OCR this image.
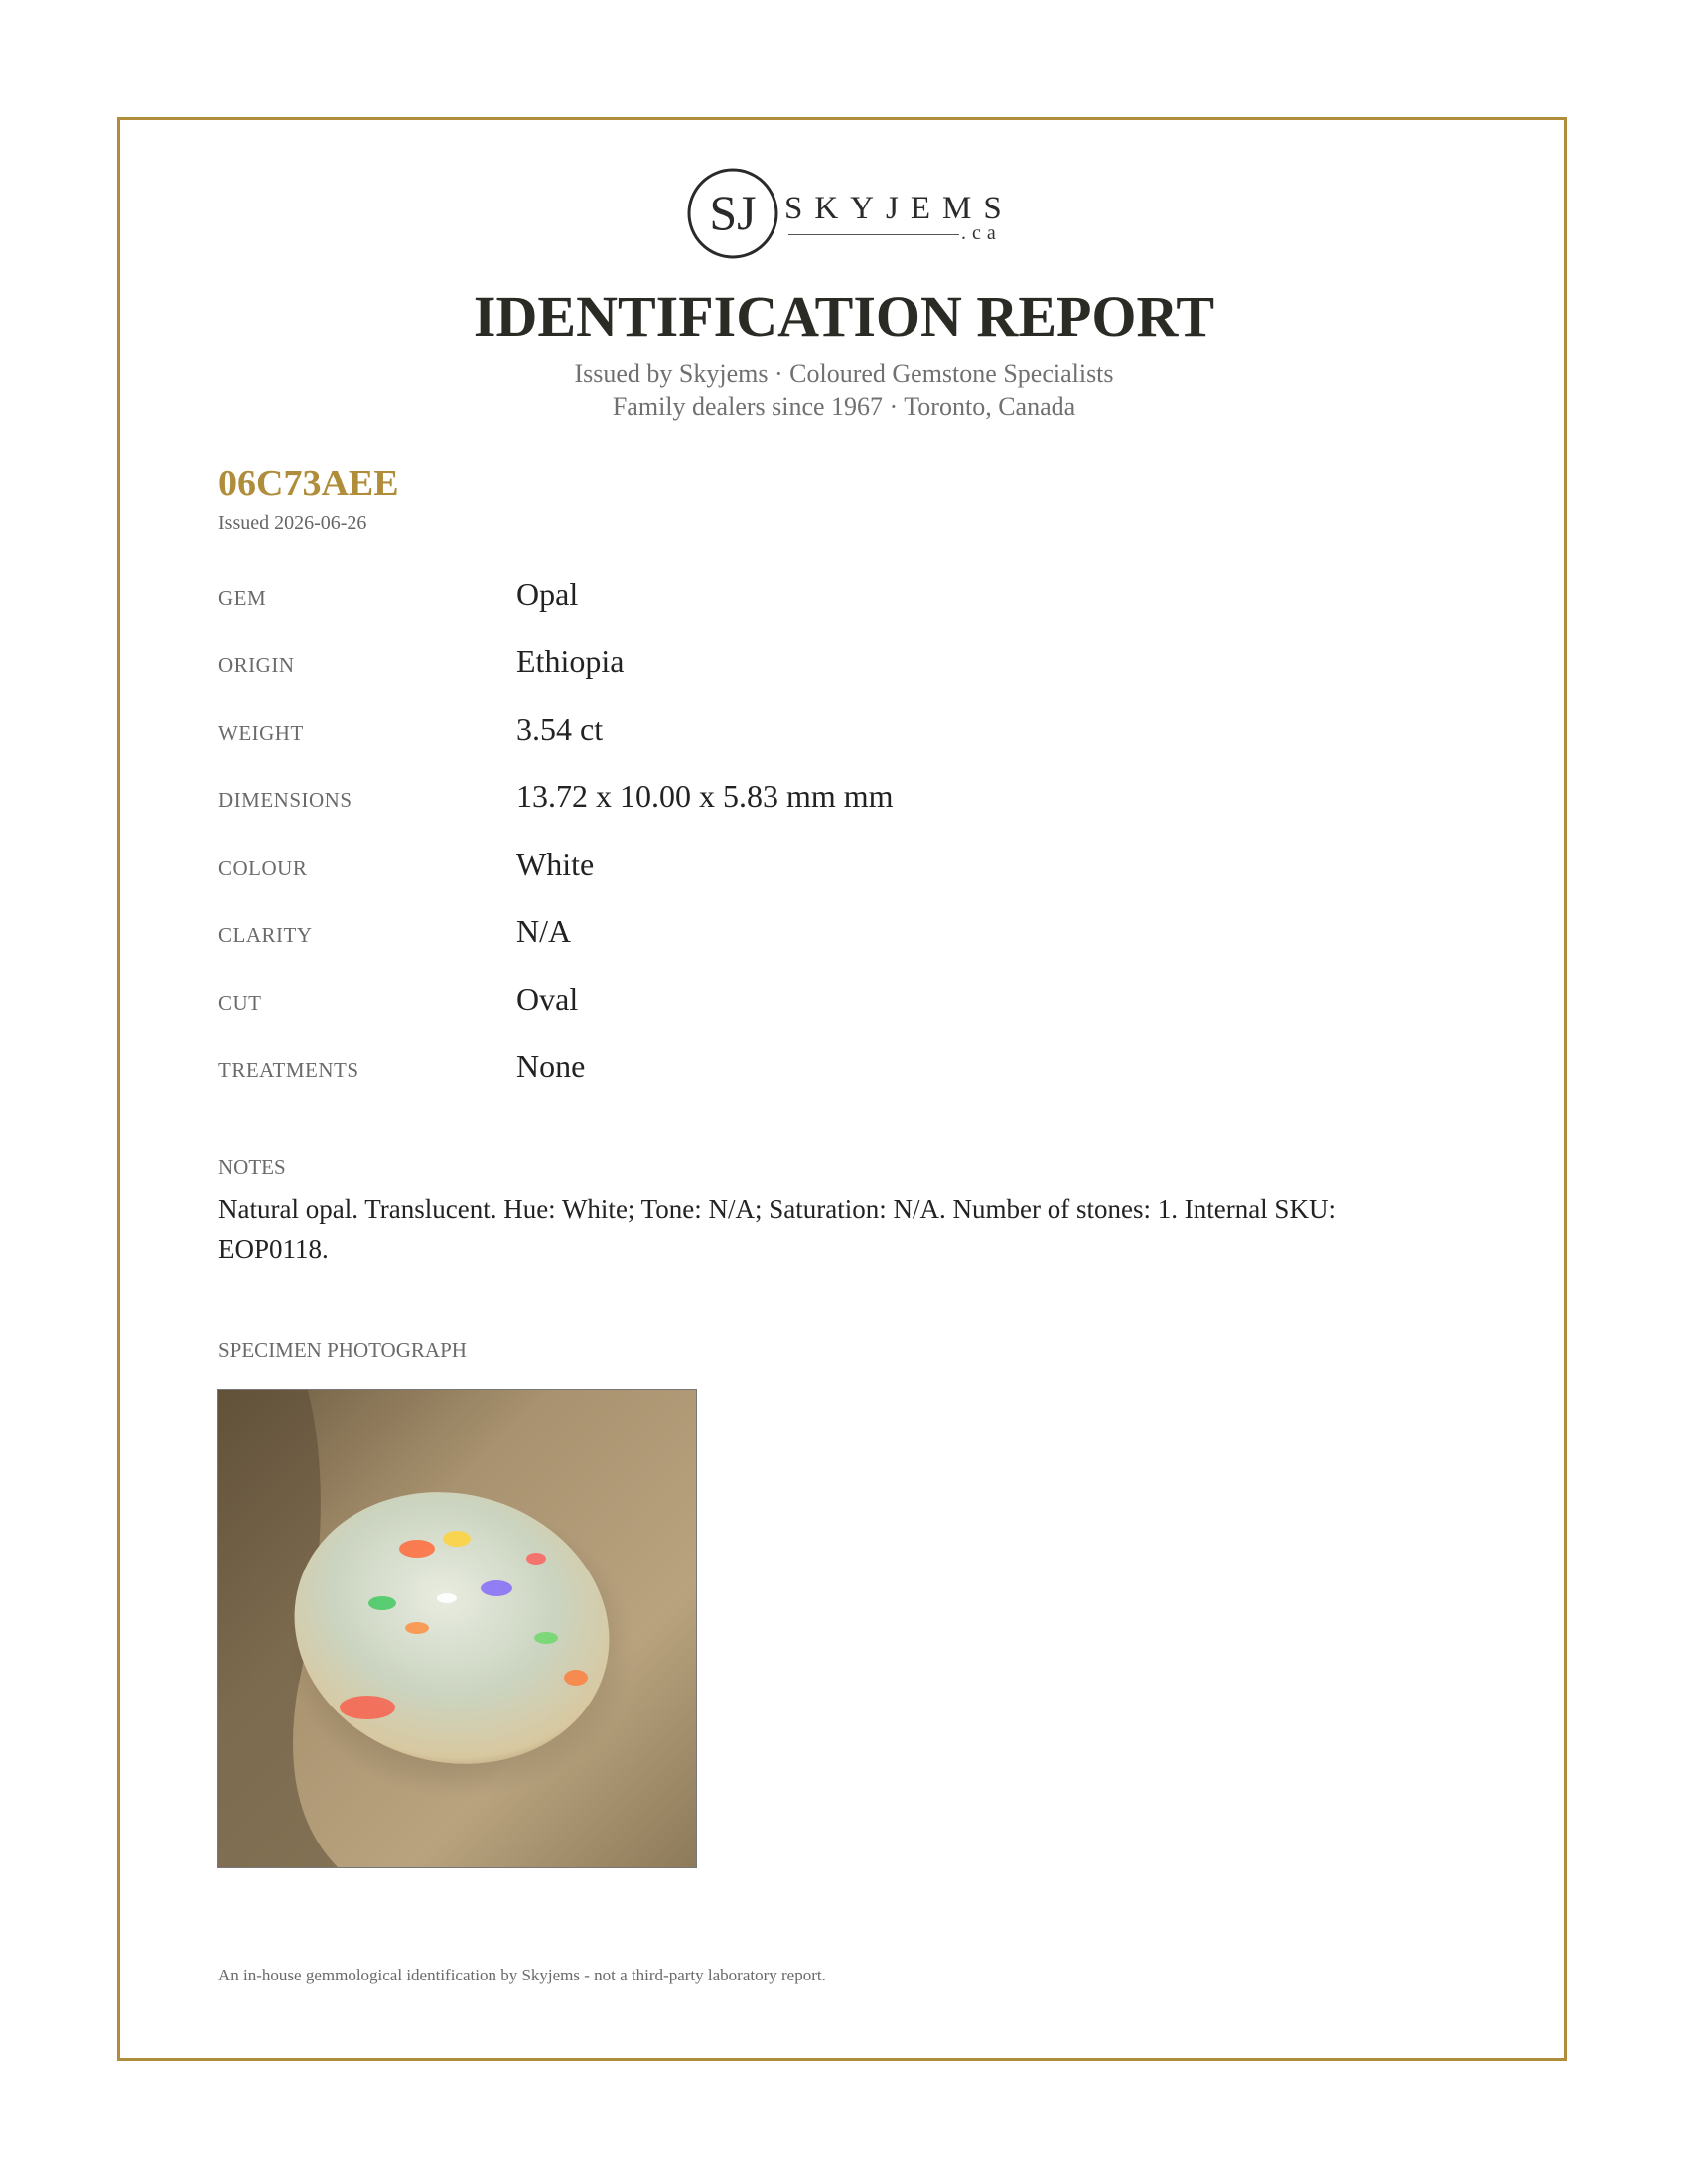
SJ SKYJEMS
.ca
IDENTIFICATION REPORT
Issued by Skyjems · Coloured Gemstone Specialists
Family dealers since 1967 · Toronto, Canada
06C73AEE
Issued 2026-06-26
GEM	Opal
ORIGIN	Ethiopia
WEIGHT	3.54 ct
DIMENSIONS	13.72 x 10.00 x 5.83 mm mm
COLOUR	White
CLARITY	N/A
CUT	Oval
TREATMENTS	None
NOTES
Natural opal. Translucent. Hue: White; Tone: N/A; Saturation: N/A. Number of stones: 1. Internal SKU: EOP0118.
SPECIMEN PHOTOGRAPH
An in-house gemmological identification by Skyjems - not a third-party laboratory report.
